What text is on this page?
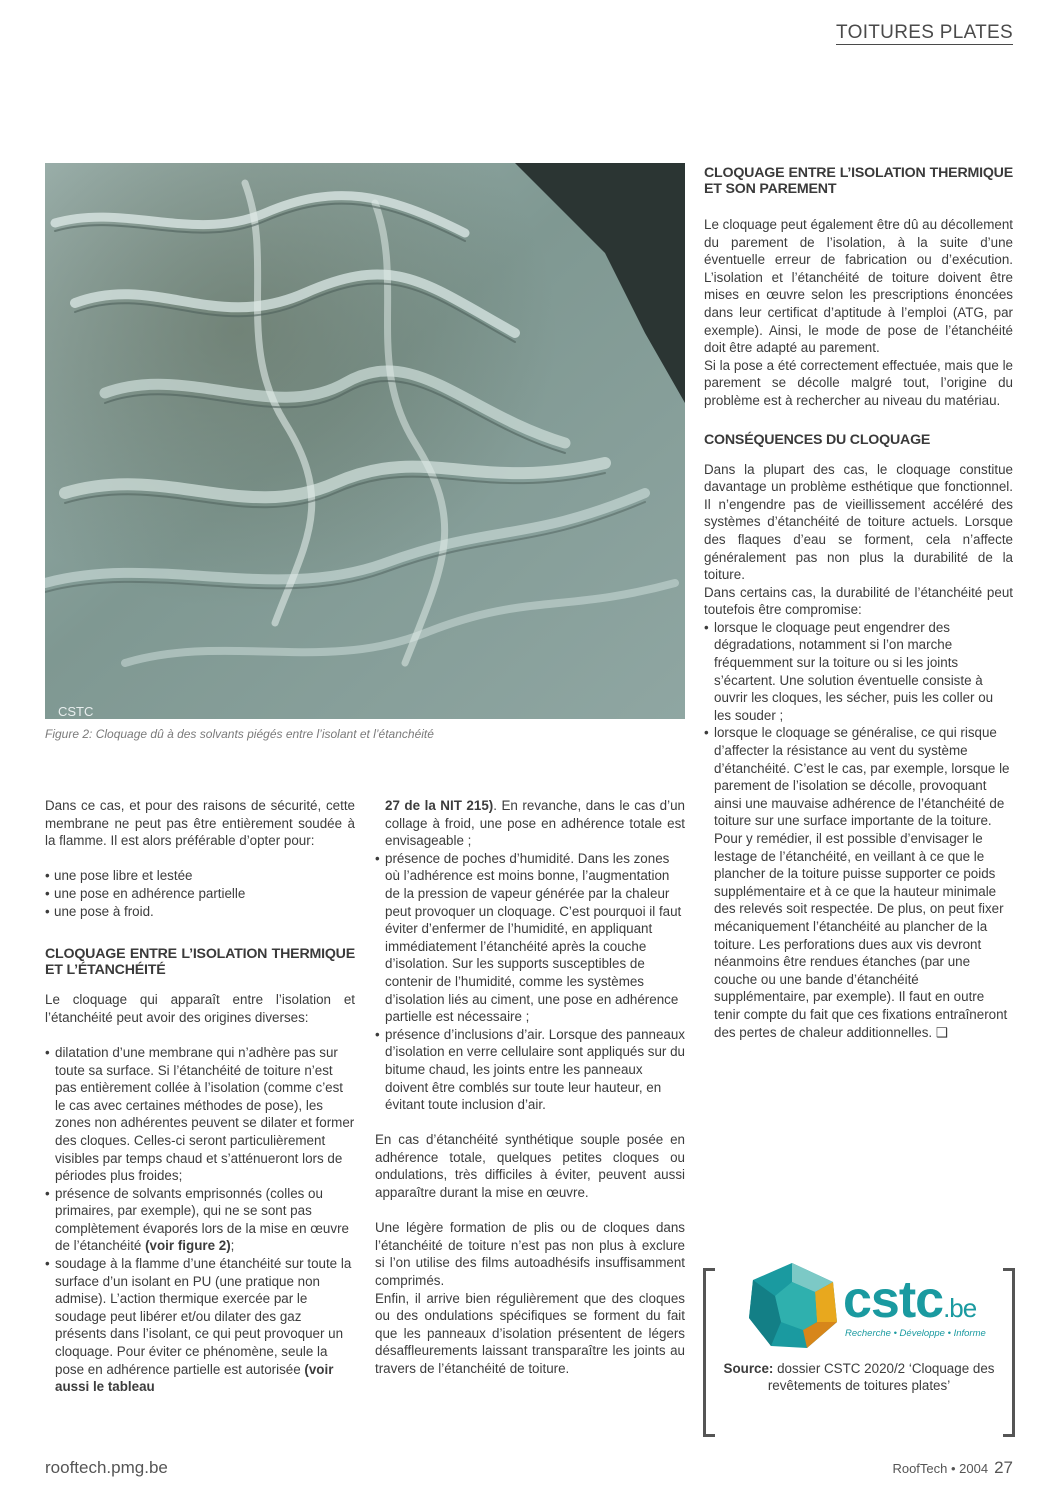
TOITURES PLATES
CSTC
Figure 2: Cloquage dû à des solvants piégés entre l’isolant et l’étanchéité

Dans ce cas, et pour des raisons de sécurité, cette membrane ne peut pas être entièrement soudée à la flamme. Il est alors préférable d’opter pour:

• une pose libre et lestée
• une pose en adhérence partielle
• une pose à froid.
CLOQUAGE ENTRE L’ISOLATION THERMIQUE ET L’ÉTANCHÉITÉ

Le cloquage qui apparaît entre l’isolation et l’étanchéité peut avoir des origines diverses:

• dilatation d’une membrane qui n’adhère pas sur toute sa surface. Si l’étanchéité de toiture n’est pas entièrement collée à l’isolation (comme c’est le cas avec certaines méthodes de pose), les zones non adhérentes peuvent se dilater et former des cloques. Celles-ci seront particulièrement visibles par temps chaud et s’atténueront lors de périodes plus froides;
• présence de solvants emprisonnés (colles ou primaires, par exemple), qui ne se sont pas complètement évaporés lors de la mise en œuvre de l’étanchéité (voir figure 2);
• soudage à la flamme d’une étanchéité sur toute la surface d’un isolant en PU (une pratique non admise). L’action thermique exercée par le soudage peut libérer et/ou dilater des gaz présents dans l’isolant, ce qui peut provoquer un cloquage. Pour éviter ce phénomène, seule la pose en adhérence partielle est autorisée (voir aussi le tableau

27 de la NIT 215). En revanche, dans le cas d’un collage à froid, une pose en adhérence totale est envisageable ;

• présence de poches d’humidité. Dans les zones où l’adhérence est moins bonne, l’augmentation de la pression de vapeur générée par la chaleur peut provoquer un cloquage. C’est pourquoi il faut éviter d’enfermer de l’humidité, en appliquant immédiatement l’étanchéité après la couche d’isolation. Sur les supports susceptibles de contenir de l’humidité, comme les systèmes d’isolation liés au ciment, une pose en adhérence partielle est nécessaire ;
• présence d’inclusions d’air. Lorsque des panneaux d’isolation en verre cellulaire sont appliqués sur du bitume chaud, les joints entre les panneaux doivent être comblés sur toute leur hauteur, en évitant toute inclusion d’air.

En cas d’étanchéité synthétique souple posée en adhérence totale, quelques petites cloques ou ondulations, très difficiles à éviter, peuvent aussi apparaître durant la mise en œuvre.

Une légère formation de plis ou de cloques dans l’étanchéité de toiture n’est pas non plus à exclure si l’on utilise des films autoadhésifs insuffisamment comprimés.

Enfin, il arrive bien régulièrement que des cloques ou des ondulations spécifiques se forment du fait que les panneaux d’isolation présentent de légers désaffleurements laissant transparaître les joints au travers de l’étanchéité de toiture.

CLOQUAGE ENTRE L’ISOLATION THERMIQUE ET SON PAREMENT

Le cloquage peut également être dû au décollement du parement de l’isolation, à la suite d’une éventuelle erreur de fabrication ou d’exécution. L’isolation et l’étanchéité de toiture doivent être mises en œuvre selon les prescriptions énoncées dans leur certificat d’aptitude à l’emploi (ATG, par exemple). Ainsi, le mode de pose de l’étanchéité doit être adapté au parement.

Si la pose a été correctement effectuée, mais que le parement se décolle malgré tout, l’origine du problème est à rechercher au niveau du matériau.

CONSÉQUENCES DU CLOQUAGE

Dans la plupart des cas, le cloquage constitue davantage un problème esthétique que fonctionnel. Il n’engendre pas de vieillissement accéléré des systèmes d’étanchéité de toiture actuels. Lorsque des flaques d’eau se forment, cela n’affecte généralement pas non plus la durabilité de la toiture.

Dans certains cas, la durabilité de l’étanchéité peut toutefois être compromise:

• lorsque le cloquage peut engendrer des dégradations, notamment si l’on marche fréquemment sur la toiture ou si les joints s’écartent. Une solution éventuelle consiste à ouvrir les cloques, les sécher, puis les coller ou les souder ;
• lorsque le cloquage se généralise, ce qui risque d’affecter la résistance au vent du système d’étanchéité. C’est le cas, par exemple, lorsque le parement de l’isolation se décolle, provoquant ainsi une mauvaise adhérence de l’étanchéité de toiture sur une surface importante de la toiture. Pour y remédier, il est possible d’envisager le lestage de l’étanchéité, en veillant à ce que le plancher de la toiture puisse supporter ce poids supplémentaire et à ce que la hauteur minimale des relevés soit respectée. De plus, on peut fixer mécaniquement l’étanchéité au plancher de la toiture. Les perforations dues aux vis devront néanmoins être rendues étanches (par une couche ou une bande d’étanchéité supplémentaire, par exemple). Il faut en outre tenir compte du fait que ces fixations entraîneront des pertes de chaleur additionnelles. ❑
cstc.be
Recherche • Développe • Informe
Source: dossier CSTC 2020/2 ‘Cloquage des revêtements de toitures plates’
rooftech.pmg.be	RoofTech • 2004 27
